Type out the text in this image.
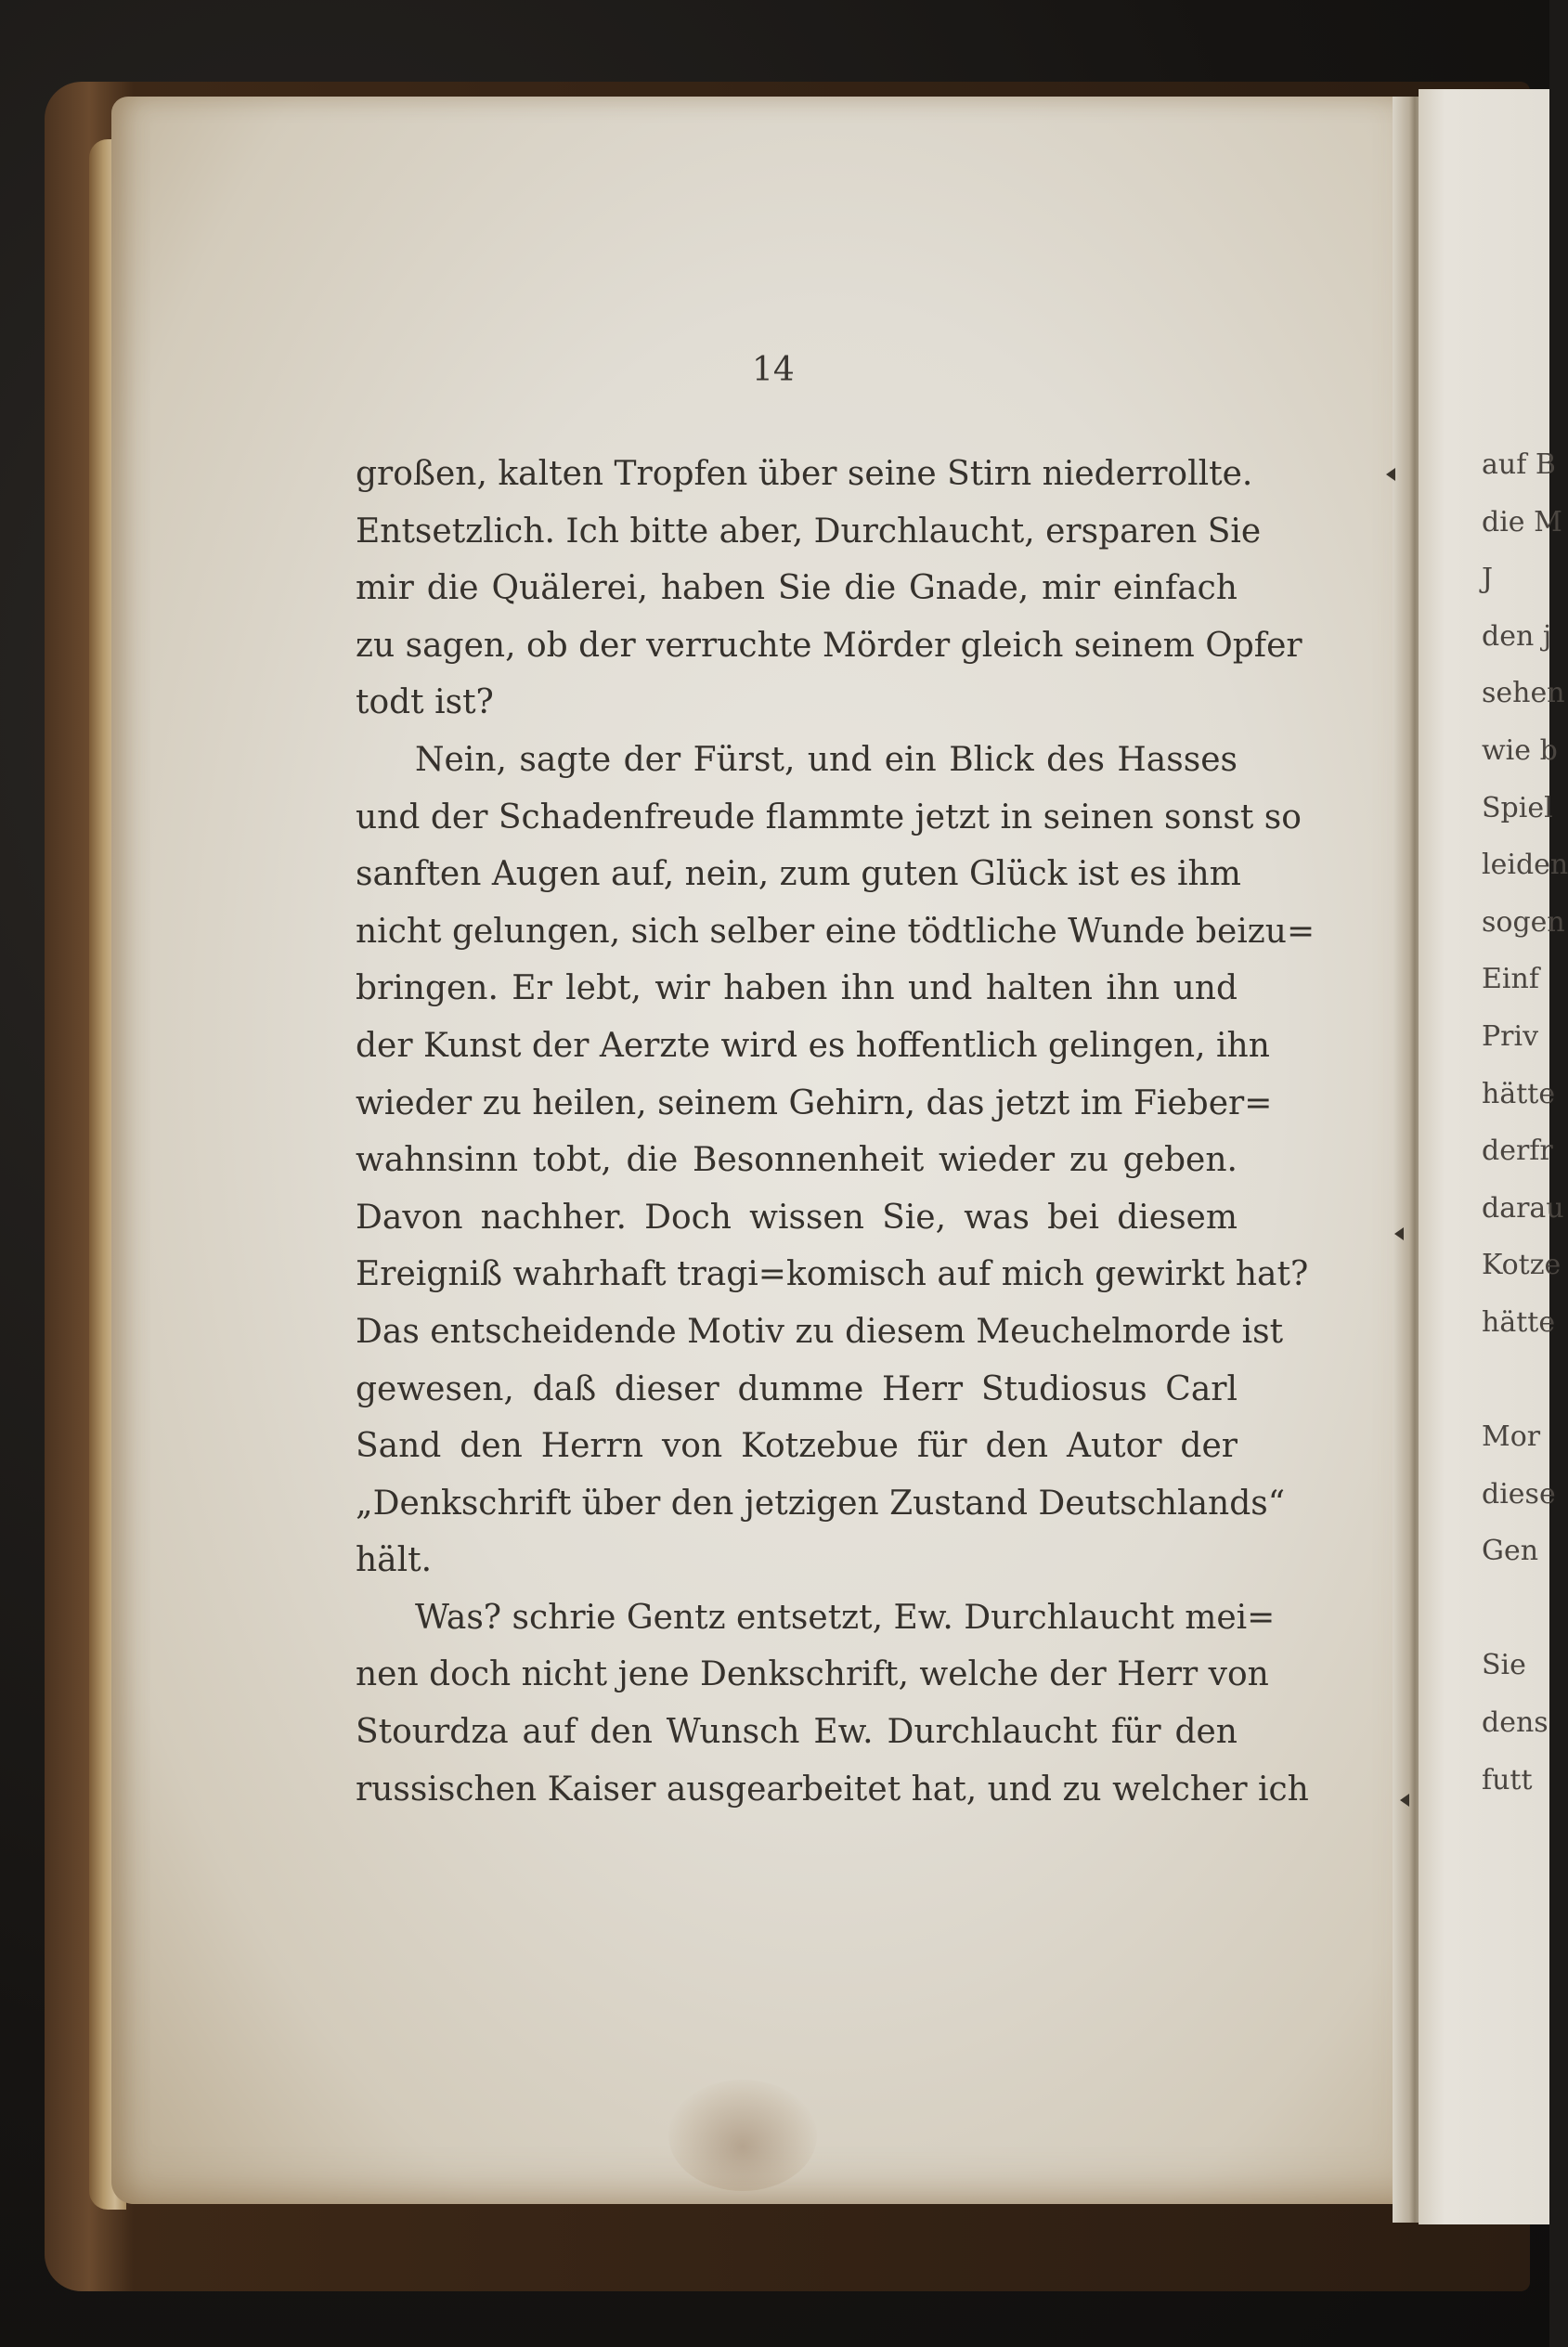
14
großen, kalten Tropfen über seine Stirn niederrollte.
Entsetzlich. Ich bitte aber, Durchlaucht, ersparen Sie
mir die Quälerei, haben Sie die Gnade, mir einfach
zu sagen, ob der verruchte Mörder gleich seinem Opfer
todt ist?
Nein, sagte der Fürst, und ein Blick des Hasses
und der Schadenfreude flammte jetzt in seinen sonst so
sanften Augen auf, nein, zum guten Glück ist es ihm
nicht gelungen, sich selber eine tödtliche Wunde beizu=
bringen. Er lebt, wir haben ihn und halten ihn und
der Kunst der Aerzte wird es hoffentlich gelingen, ihn
wieder zu heilen, seinem Gehirn, das jetzt im Fieber=
wahnsinn tobt, die Besonnenheit wieder zu geben.
Davon nachher. Doch wissen Sie, was bei diesem
Ereigniß wahrhaft tragi=komisch auf mich gewirkt hat?
Das entscheidende Motiv zu diesem Meuchelmorde ist
gewesen, daß dieser dumme Herr Studiosus Carl
Sand den Herrn von Kotzebue für den Autor der
„Denkschrift über den jetzigen Zustand Deutschlands“
hält.
Was? schrie Gentz entsetzt, Ew. Durchlaucht mei=
nen doch nicht jene Denkschrift, welche der Herr von
Stourdza auf den Wunsch Ew. Durchlaucht für den
russischen Kaiser ausgearbeitet hat, und zu welcher ich
auf B
die M
J
den j
sehen
wie b
Spiel
leiden
sogen
Einf
Priv
hätte
derfr
darau
Kotze
hätte
Mor
diese
Gen
Sie
dens
futt
